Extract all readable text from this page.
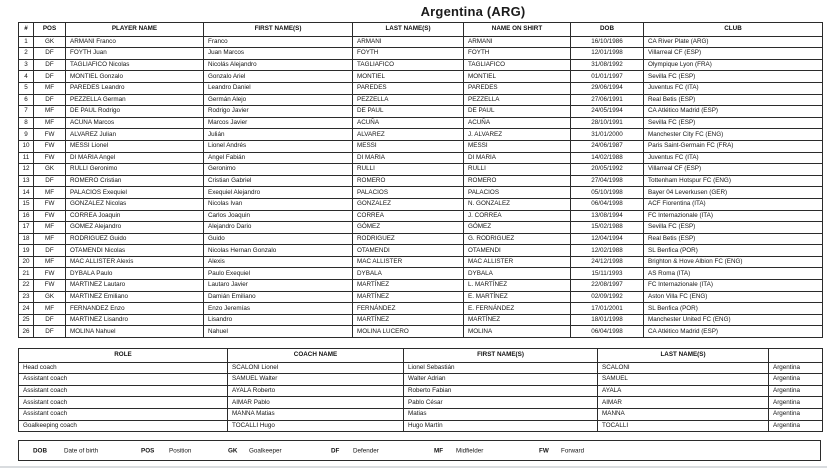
Argentina (ARG)
#	POS	PLAYER NAME	FIRST NAME(S)	LAST NAME(S)	NAME ON SHIRT	DOB	CLUB
1	GK	ARMANI Franco	Franco	ARMANI	ARMANI	16/10/1986	CA River Plate (ARG)
2	DF	FOYTH Juan	Juan Marcos	FOYTH	FOYTH	12/01/1998	Villarreal CF (ESP)
3	DF	TAGLIAFICO Nicolas	Nicolás Alejandro	TAGLIAFICO	TAGLIAFICO	31/08/1992	Olympique Lyon (FRA)
4	DF	MONTIEL Gonzalo	Gonzalo Ariel	MONTIEL	MONTIEL	01/01/1997	Sevilla FC (ESP)
5	MF	PAREDES Leandro	Leandro Daniel	PAREDES	PAREDES	29/06/1994	Juventus FC (ITA)
6	DF	PEZZELLA German	Germán Alejo	PEZZELLA	PEZZELLA	27/06/1991	Real Betis (ESP)
7	MF	DE PAUL Rodrigo	Rodrigo Javier	DE PAUL	DE PAUL	24/05/1994	CA Atlético Madrid (ESP)
8	MF	ACUNA Marcos	Marcos Javier	ACUÑA	ACUÑA	28/10/1991	Sevilla FC (ESP)
9	FW	ALVAREZ Julian	Julián	ALVAREZ	J. ALVAREZ	31/01/2000	Manchester City FC (ENG)
10	FW	MESSI Lionel	Lionel Andrés	MESSI	MESSI	24/06/1987	Paris Saint-Germain FC (FRA)
11	FW	DI MARIA Angel	Angel Fabián	DI MARIA	DI MARIA	14/02/1988	Juventus FC (ITA)
12	GK	RULLI Geronimo	Geronimo	RULLI	RULLI	20/05/1992	Villarreal CF (ESP)
13	DF	ROMERO Cristian	Cristian Gabriel	ROMERO	ROMERO	27/04/1998	Tottenham Hotspur FC (ENG)
14	MF	PALACIOS Exequiel	Exequiel Alejandro	PALACIOS	PALACIOS	05/10/1998	Bayer 04 Leverkusen (GER)
15	FW	GONZALEZ Nicolas	Nicolas Ivan	GONZALEZ	N. GONZALEZ	06/04/1998	ACF Fiorentina (ITA)
16	FW	CORREA Joaquin	Carlos Joaquin	CORREA	J. CORREA	13/08/1994	FC Internazionale (ITA)
17	MF	GOMEZ Alejandro	Alejandro Dario	GÓMEZ	GÓMEZ	15/02/1988	Sevilla FC (ESP)
18	MF	RODRIGUEZ Guido	Guido	RODRIGUEZ	G. RODRIGUEZ	12/04/1994	Real Betis (ESP)
19	DF	OTAMENDI Nicolas	Nicolas Hernan Gonzalo	OTAMENDI	OTAMENDI	12/02/1988	SL Benfica (POR)
20	MF	MAC ALLISTER Alexis	Alexis	MAC ALLISTER	MAC ALLISTER	24/12/1998	Brighton & Hove Albion FC (ENG)
21	FW	DYBALA Paulo	Paulo Exequiel	DYBALA	DYBALA	15/11/1993	AS Roma (ITA)
22	FW	MARTINEZ Lautaro	Lautaro Javier	MARTÍNEZ	L. MARTÍNEZ	22/08/1997	FC Internazionale (ITA)
23	GK	MARTINEZ Emiliano	Damián Emiliano	MARTÍNEZ	E. MARTÍNEZ	02/09/1992	Aston Villa FC (ENG)
24	MF	FERNANDEZ Enzo	Enzo Jeremías	FERNÁNDEZ	E. FERNÁNDEZ	17/01/2001	SL Benfica (POR)
25	DF	MARTINEZ Lisandro	Lisandro	MARTÍNEZ	MARTÍNEZ	18/01/1998	Manchester United FC (ENG)
26	DF	MOLINA Nahuel	Nahuel	MOLINA LUCERO	MOLINA	06/04/1998	CA Atlético Madrid (ESP)
ROLE	COACH NAME	FIRST NAME(S)	LAST NAME(S)	
Head coach	SCALONI Lionel	Lionel Sebastián	SCALONI	Argentina
Assistant coach	SAMUEL Walter	Walter Adrian	SAMUEL	Argentina
Assistant coach	AYALA Roberto	Roberto Fabian	AYALA	Argentina
Assistant coach	AIMAR Pablo	Pablo César	AIMAR	Argentina
Assistant coach	MANNA Matias	Matias	MANNA	Argentina
Goalkeeping coach	TOCALLI Hugo	Hugo Martín	TOCALLI	Argentina
DOB	Date of birth	POS Position	GK Goalkeeper	DF Defender	MF Midfielder	FW Forward
